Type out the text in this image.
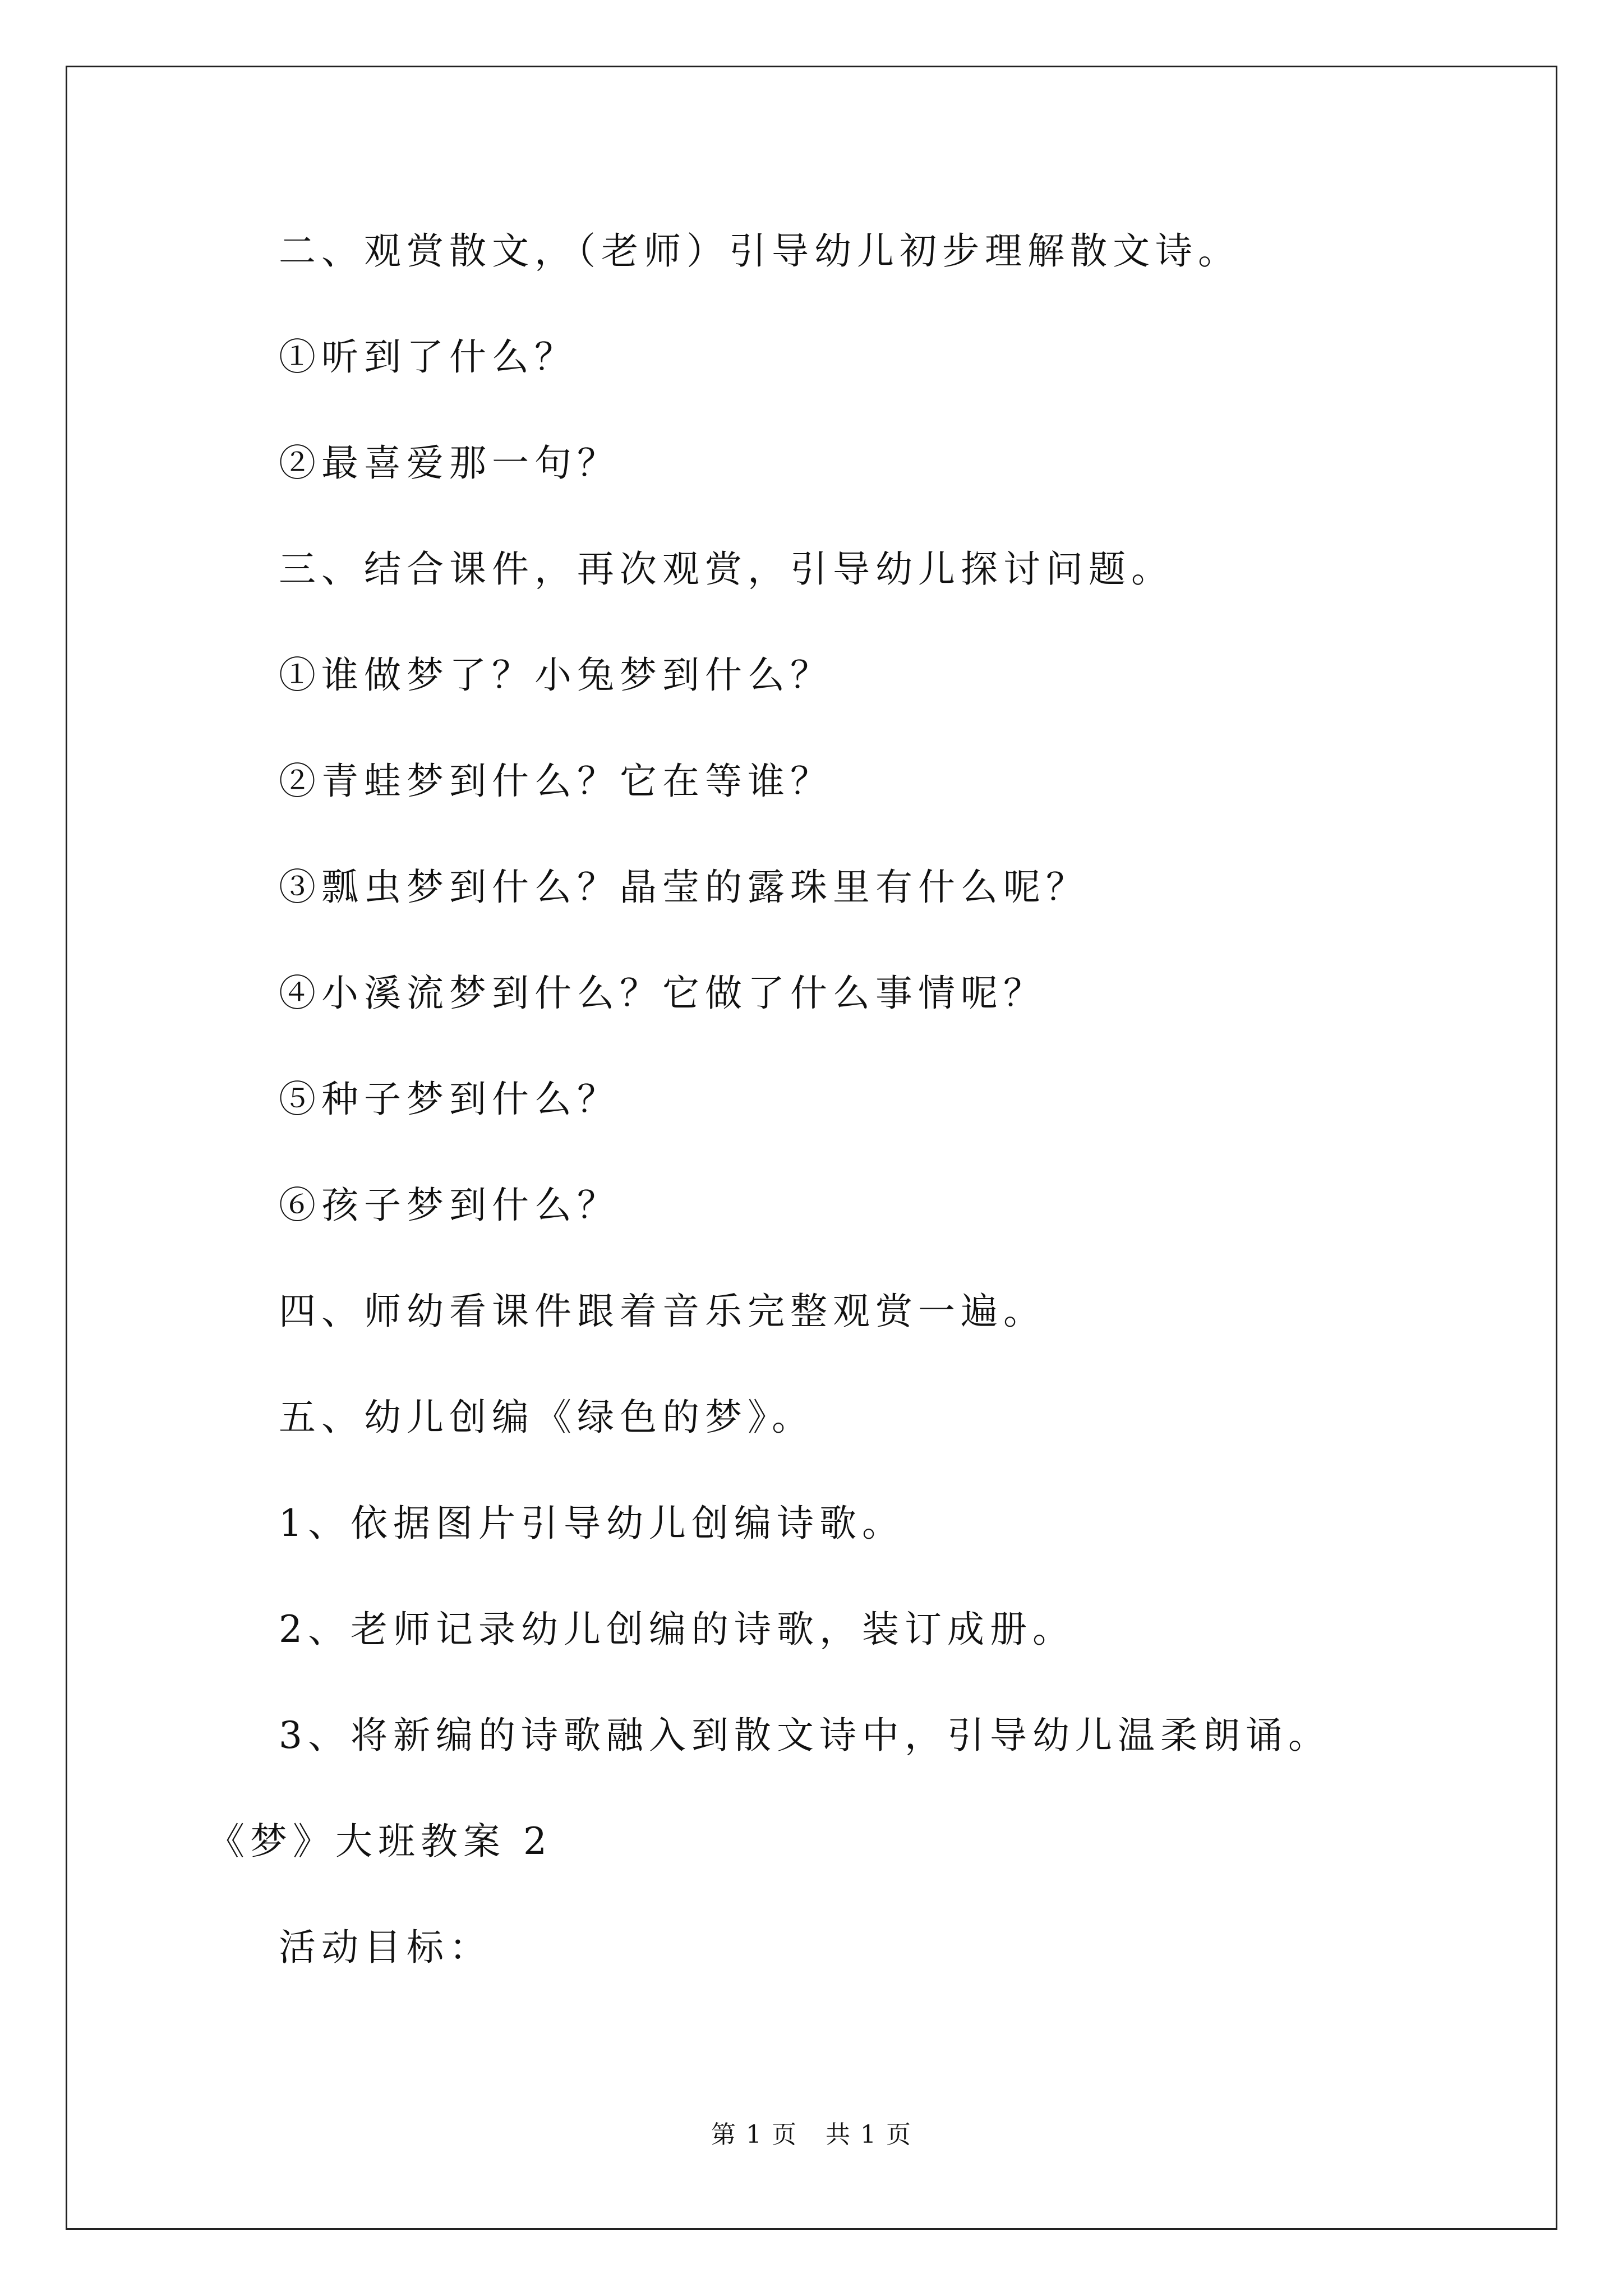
二、观赏散文，（老师）引导幼儿初步理解散文诗。
①听到了什么？
②最喜爱那一句？
三、结合课件，再次观赏，引导幼儿探讨问题。
①谁做梦了？小兔梦到什么？
②青蛙梦到什么？它在等谁？
③瓢虫梦到什么？晶莹的露珠里有什么呢？
④小溪流梦到什么？它做了什么事情呢？
⑤种子梦到什么？
⑥孩子梦到什么？
四、师幼看课件跟着音乐完整观赏一遍。
五、幼儿创编《绿色的梦》。
1、依据图片引导幼儿创编诗歌。
2、老师记录幼儿创编的诗歌，装订成册。
3、将新编的诗歌融入到散文诗中，引导幼儿温柔朗诵。
《梦》大班教案 2
活动目标：
第 1 页 共 1 页
